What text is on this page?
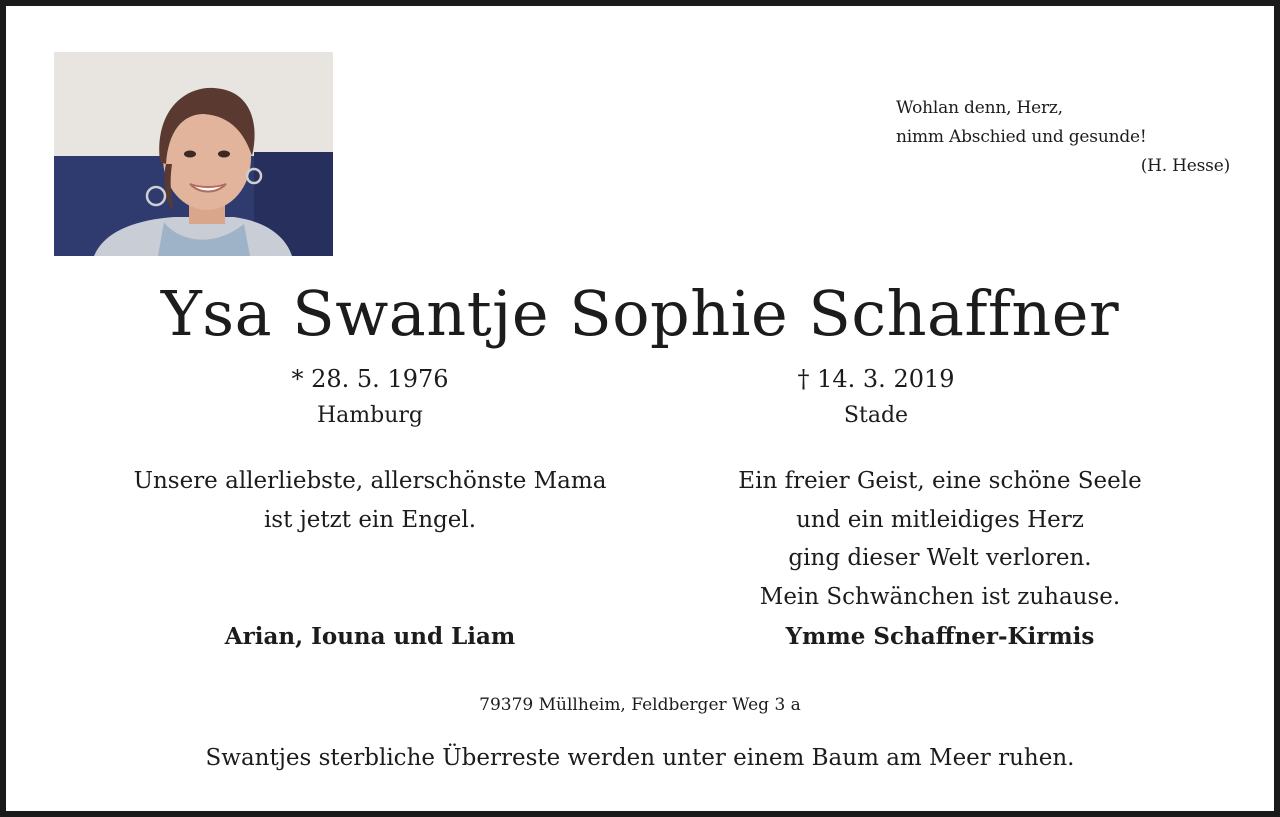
Wohlan denn, Herz,
nimm Abschied und gesunde!
(H. Hesse)
Ysa Swantje Sophie Schaffner
* 28. 5. 1976
Hamburg
† 14. 3. 2019
Stade
Unsere allerliebste, allerschönste Mama
ist jetzt ein Engel.
Arian, Iouna und Liam
Ein freier Geist, eine schöne Seele
und ein mitleidiges Herz
ging dieser Welt verloren.
Mein Schwänchen ist zuhause.
Ymme Schaffner-Kirmis
79379 Müllheim, Feldberger Weg 3 a
Swantjes sterbliche Überreste werden unter einem Baum am Meer ruhen.
